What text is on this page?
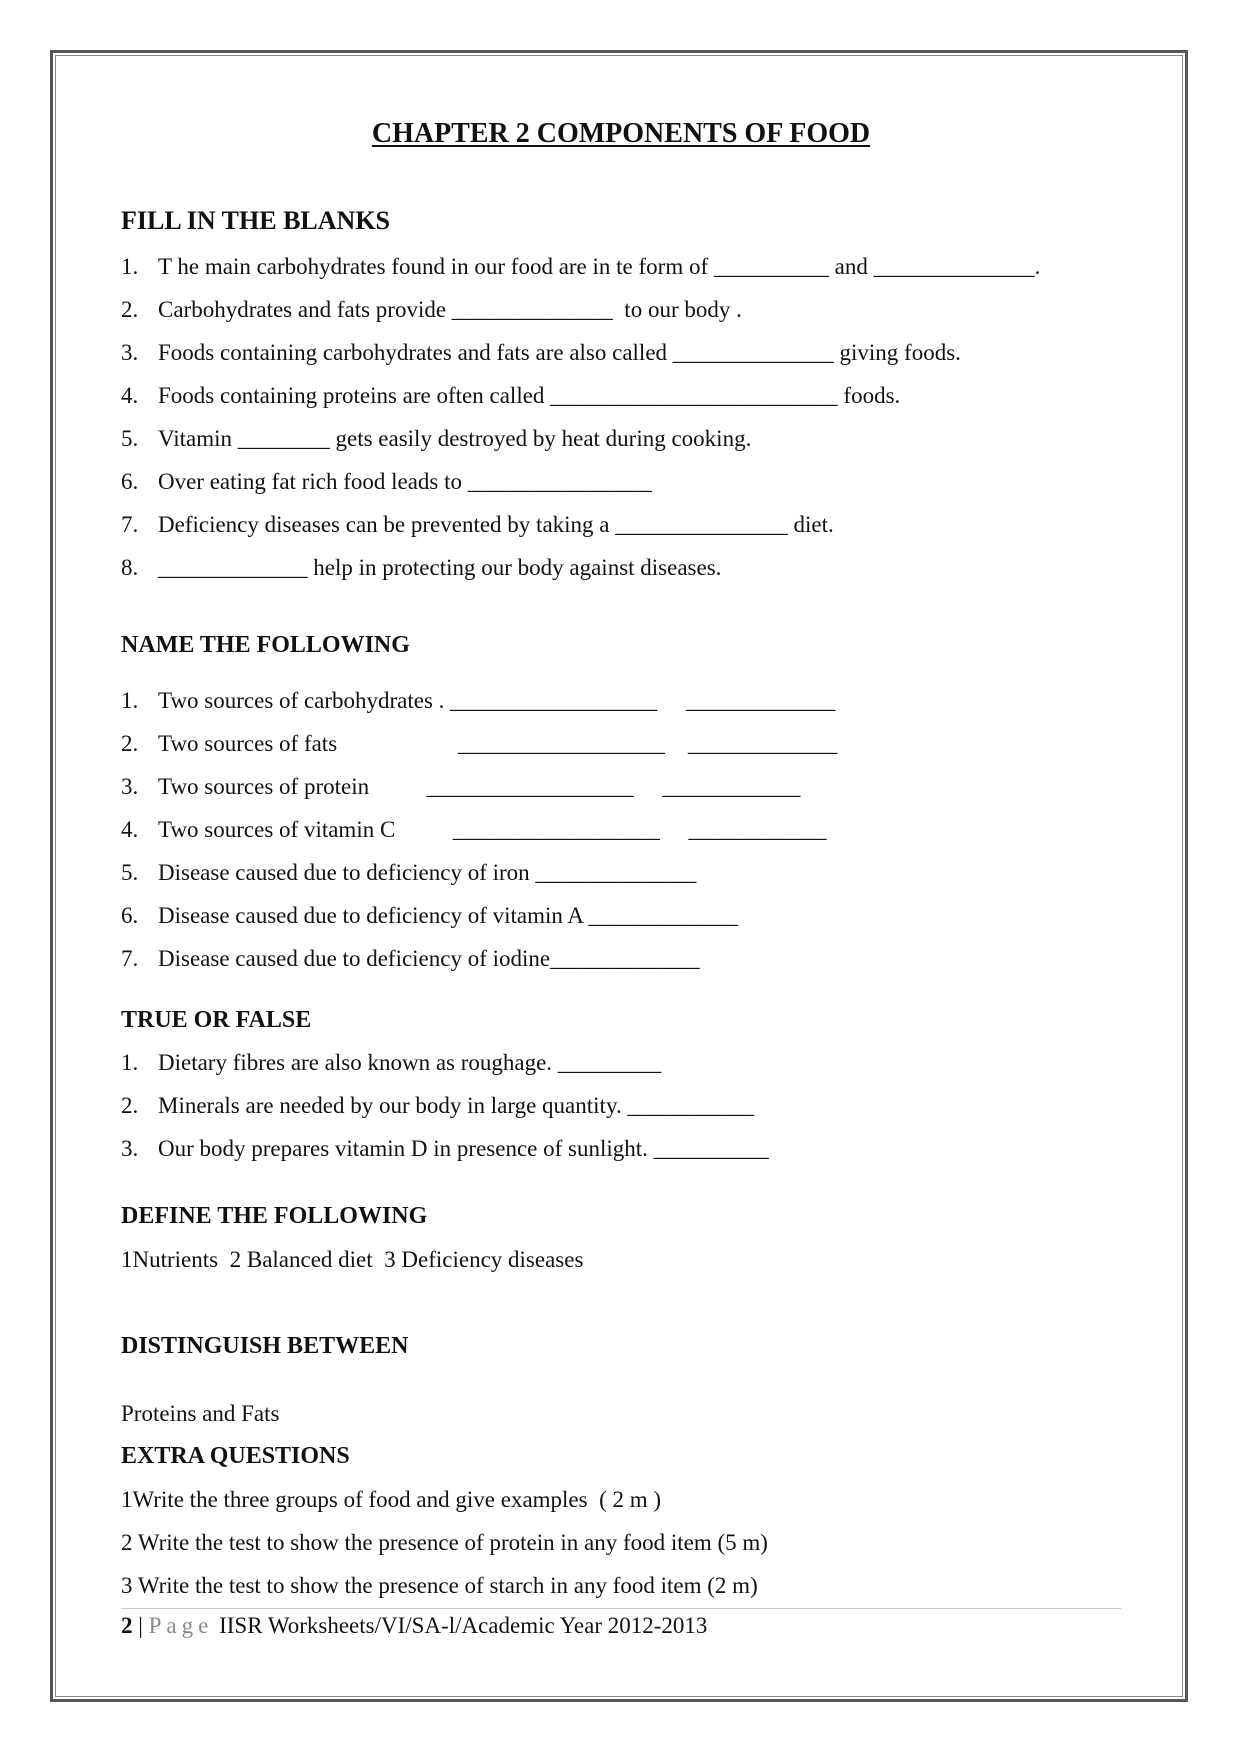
CHAPTER 2 COMPONENTS OF FOOD
FILL IN THE BLANKS
1. T he main carbohydrates found in our food are in te form of __________ and ______________.
2. Carbohydrates and fats provide ______________  to our body .
3. Foods containing carbohydrates and fats are also called ______________ giving foods.
4. Foods containing proteins are often called _________________________ foods.
5. Vitamin ________ gets easily destroyed by heat during cooking.
6. Over eating fat rich food leads to ________________
7. Deficiency diseases can be prevented by taking a _______________ diet.
8. _____________ help in protecting our body against diseases.
NAME THE FOLLOWING
1. Two sources of carbohydrates . __________________     _____________
2. Two sources of fats                     __________________    _____________
3. Two sources of protein          __________________     ____________
4. Two sources of vitamin C          __________________     ____________
5. Disease caused due to deficiency of iron ______________
6. Disease caused due to deficiency of vitamin A _____________
7. Disease caused due to deficiency of iodine_____________
TRUE OR FALSE
1. Dietary fibres are also known as roughage. _________
2. Minerals are needed by our body in large quantity. ___________
3. Our body prepares vitamin D in presence of sunlight. __________
DEFINE THE FOLLOWING
1Nutrients  2 Balanced diet  3 Deficiency diseases
DISTINGUISH BETWEEN
Proteins and Fats
EXTRA QUESTIONS
1Write the three groups of food and give examples  ( 2 m )
2 Write the test to show the presence of protein in any food item (5 m)
3 Write the test to show the presence of starch in any food item (2 m)
2 | Page IISR Worksheets/VI/SA-l/Academic Year 2012-2013
